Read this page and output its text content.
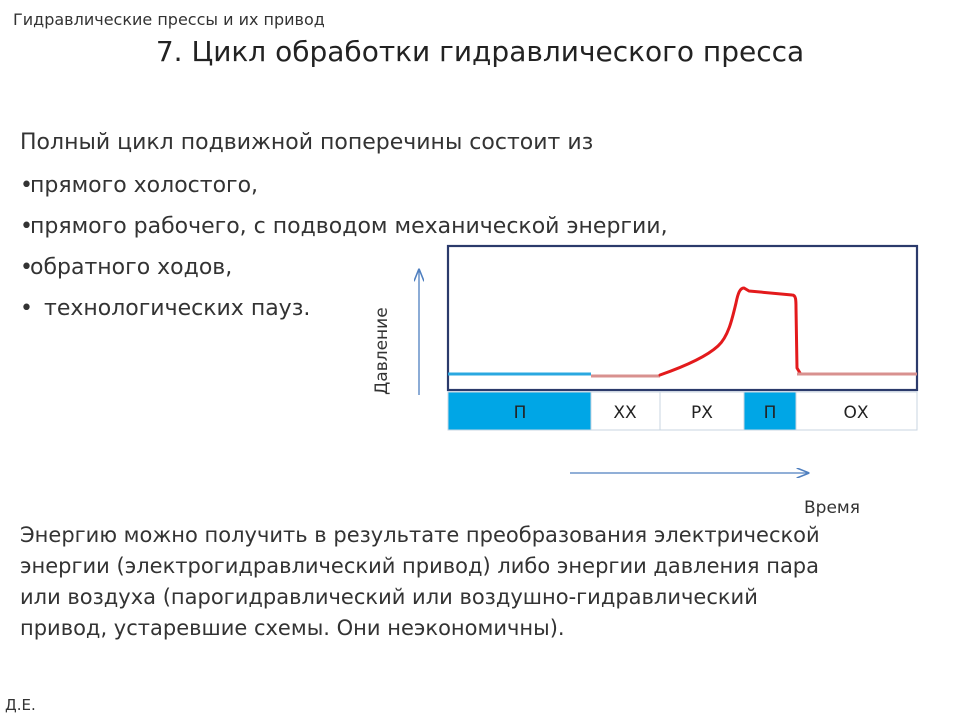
Гидравлические прессы и их привод
7. Цикл обработки гидравлического пресса
Полный цикл подвижной поперечины состоит из
•прямого холостого,
•прямого рабочего, с подводом механической энергии,
•обратного ходов,
• технологических пауз.
П	ХХ	РХ	П	ОХ
Давление
Время
Энергию можно получить в результате преобразования электрической энергии (электрогидравлический привод) либо энергии давления пара или воздуха (парогидравлический или воздушно-гидравлический привод, устаревшие схемы. Они неэкономичны).
Д.Е.
